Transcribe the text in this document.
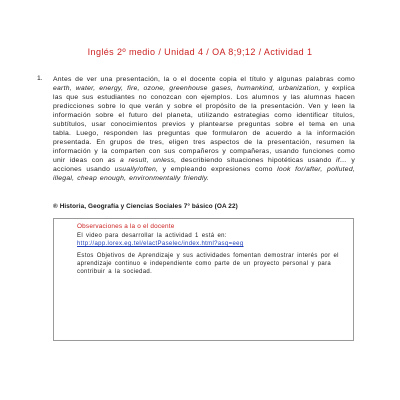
Inglés 2º medio / Unidad 4 / OA 8;9;12 / Actividad 1
1. Antes de ver una presentación, la o el docente copia el título y algunas palabras como earth, water, energy, fire, ozone, greenhouse gases, humankind, urbanization, y explica las que sus estudiantes no conozcan con ejemplos. Los alumnos y las alumnas hacen predicciones sobre lo que verán y sobre el propósito de la presentación. Ven y leen la información sobre el futuro del planeta, utilizando estrategias como identificar títulos, subtítulos, usar conocimientos previos y plantearse preguntas sobre el tema en una tabla. Luego, responden las preguntas que formularon de acuerdo a la información presentada. En grupos de tres, eligen tres aspectos de la presentación, resumen la información y la comparten con sus compañeros y compañeras, usando funciones como unir ideas con as a result, unless, describiendo situaciones hipotéticas usando if… y acciones usando usually/often, y empleando expresiones como look for/after, polluted, illegal, cheap enough, environmentally friendly.
® Historia, Geografía y Ciencias Sociales 7° básico (OA 22)
Observaciones a la o el docente
El video para desarrollar la actividad 1 está en:
http://app.lorex.eg.tel/elactPaselec/index.html?asq=eeg
Estos Objetivos de Aprendizaje y sus actividades fomentan demostrar interés por el
aprendizaje continuo e independiente como parte de un proyecto personal y para
contribuir a la sociedad.
